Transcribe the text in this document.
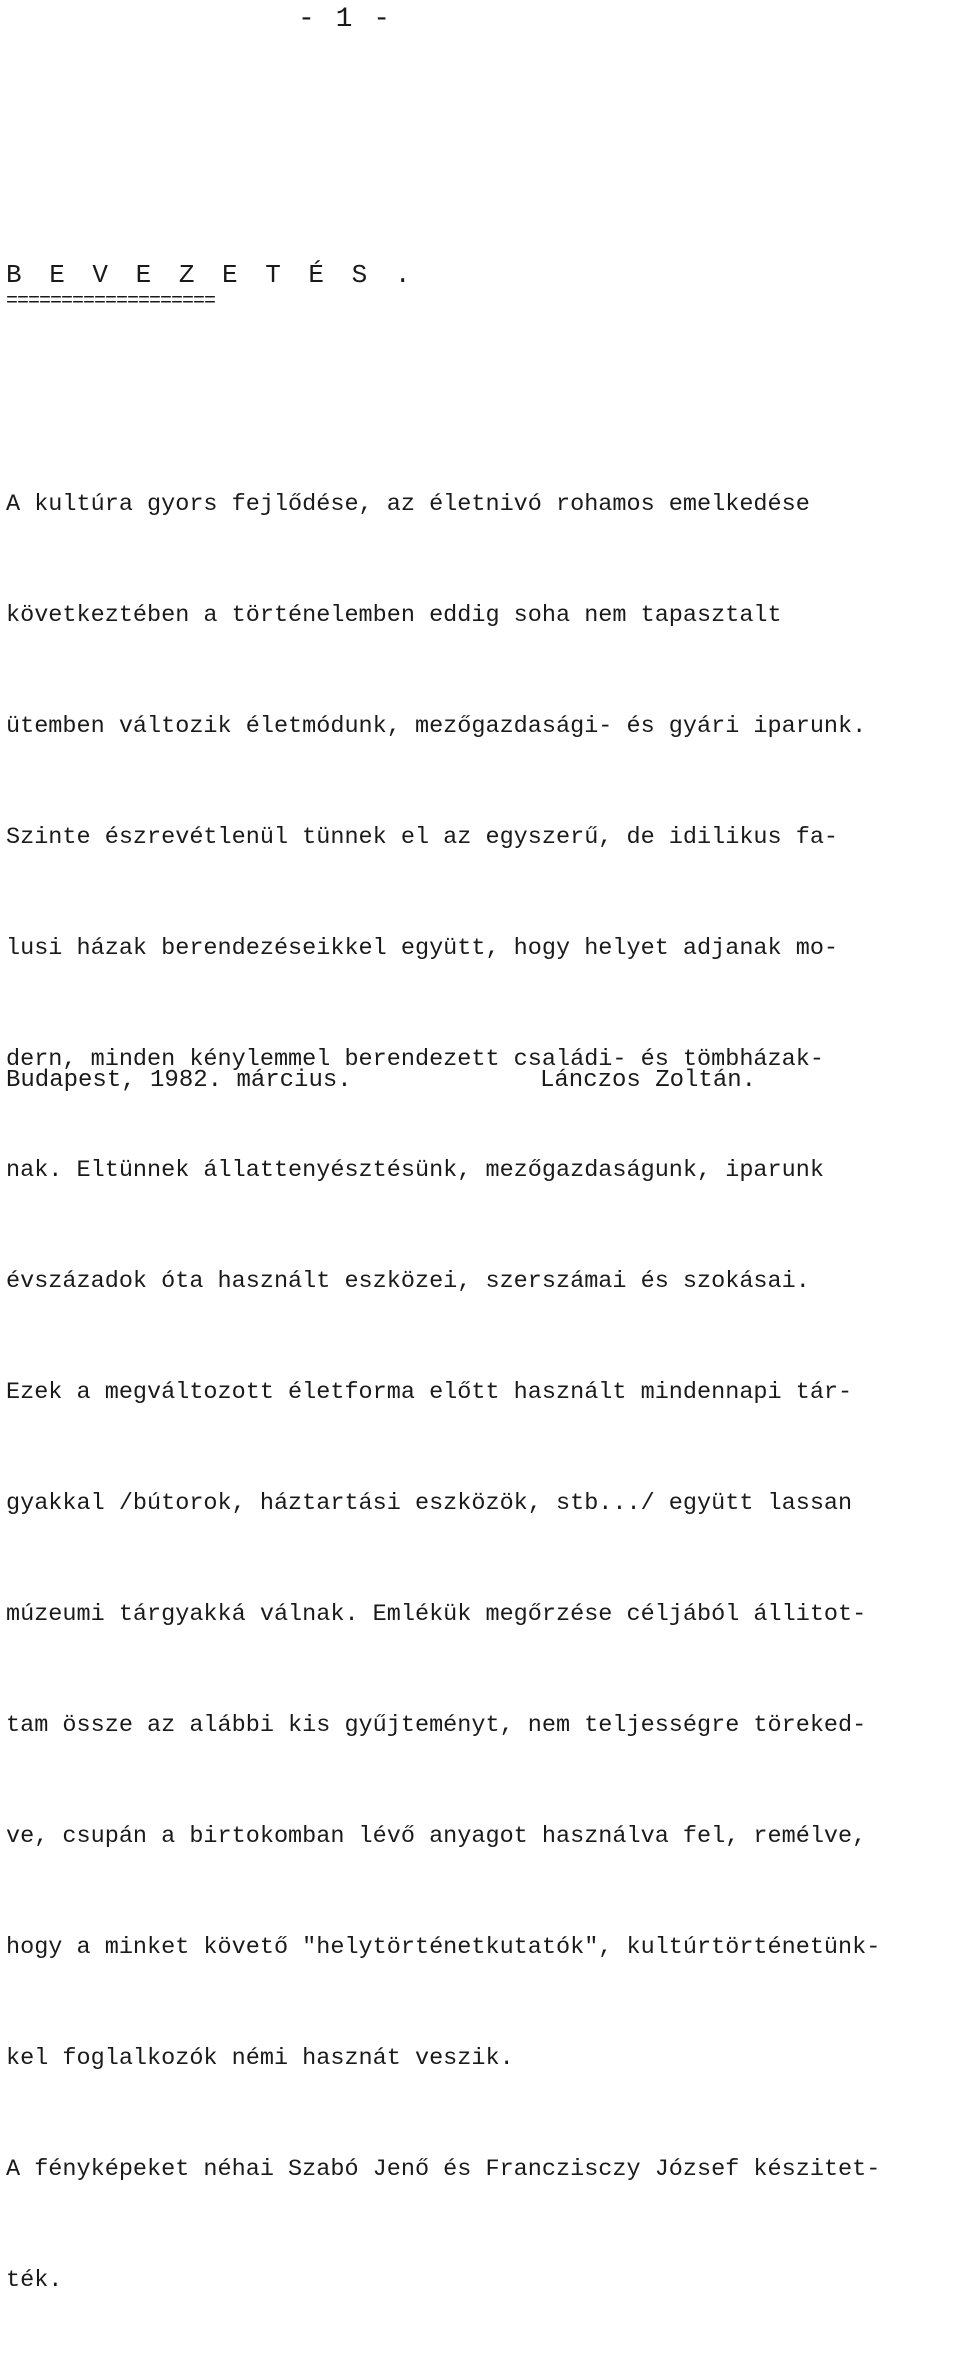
- 1 -
B E V E Z E T É S .
===================

A kultúra gyors fejlődése, az életnivó rohamos emelkedése

következtében a történelemben eddig soha nem tapasztalt

ütemben változik életmódunk, mezőgazdasági- és gyári iparunk.

Szinte észrevétlenül tünnek el az egyszerű, de idilikus fa-

lusi házak berendezéseikkel együtt, hogy helyet adjanak mo-

dern, minden kénylemmel berendezett családi- és tömbházak-

nak. Eltünnek állattenyésztésünk, mezőgazdaságunk, iparunk

évszázadok óta használt eszközei, szerszámai és szokásai.

Ezek a megváltozott életforma előtt használt mindennapi tár-

gyakkal /bútorok, háztartási eszközök, stb.../ együtt lassan

múzeumi tárgyakká válnak. Emlékük megőrzése céljából állitot-

tam össze az alábbi kis gyűjteményt, nem teljességre töreked-

ve, csupán a birtokomban lévő anyagot használva fel, remélve,

hogy a minket követő "helytörténetkutatók", kultúrtörténetünk-

kel foglalkozók némi hasznát veszik.

A fényképeket néhai Szabó Jenő és Franczisczy József készitet-

ték.

Budapest, 1982. március.	Lánczos Zoltán.
